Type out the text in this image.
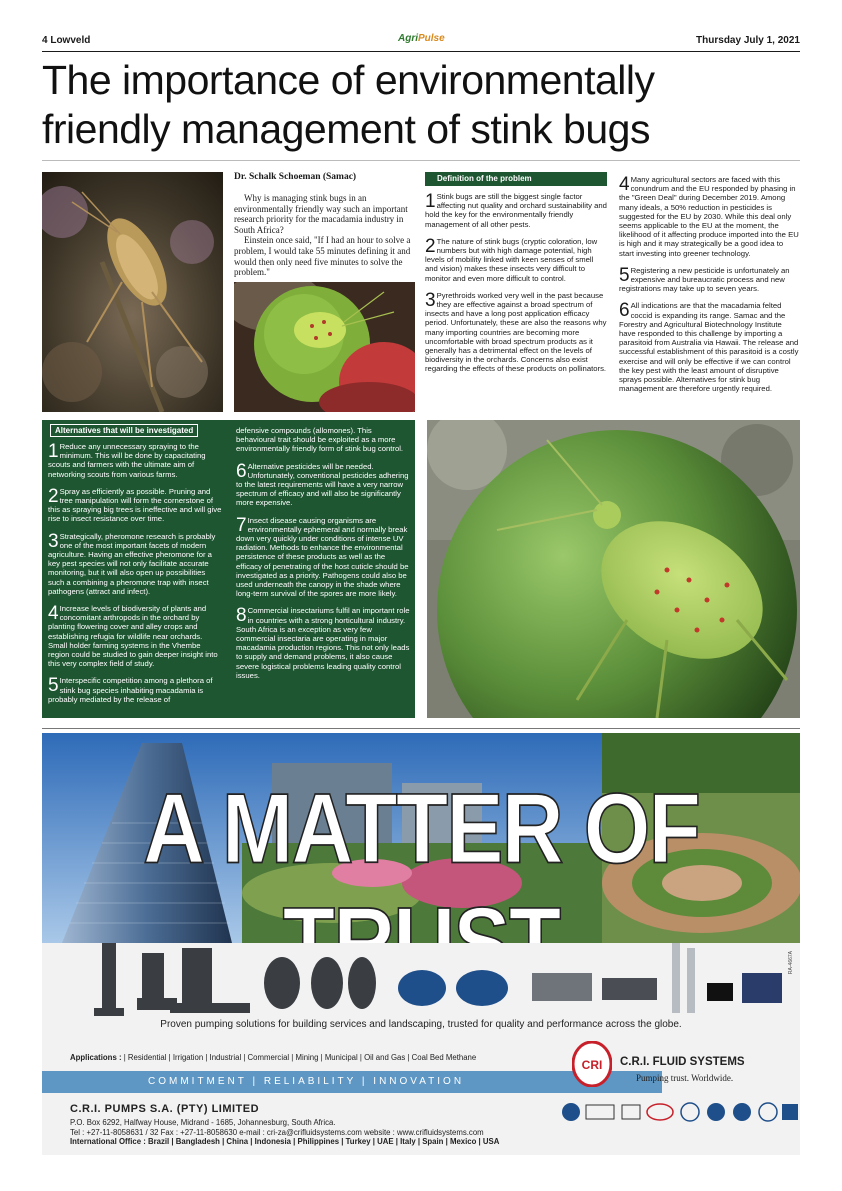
4 Lowveld	AgriPulse	Thursday July 1, 2021
The importance of environmentally
friendly management of stink bugs
Dr. Schalk Schoeman (Samac)

Why is managing stink bugs in an environmentally friendly way such an important research priority for the macadamia industry in South Africa?

Einstein once said, "If I had an hour to solve a problem, I would take 55 minutes defining it and would then only need five minutes to solve the problem."

Definition of the problem
1 Stink bugs are still the biggest single factor affecting nut quality and orchard sustainability and hold the key for the environmentally friendly management of all other pests.
2 The nature of stink bugs (cryptic coloration, low numbers but with high damage potential, high levels of mobility linked with keen senses of smell and vision) makes these insects very difficult to monitor and even more difficult to control.
3 Pyrethroids worked very well in the past because they are effective against a broad spectrum of insects and have a long post application efficacy period. Unfortunately, these are also the reasons why many importing countries are becoming more uncomfortable with broad spectrum products as it generally has a detrimental effect on the levels of biodiversity in the orchards. Concerns also exist regarding the effects of these products on pollinators.
4 Many agricultural sectors are faced with this conundrum and the EU responded by phasing in the "Green Deal" during December 2019. Among many ideals, a 50% reduction in pesticides is suggested for the EU by 2030. While this deal only seems applicable to the EU at the moment, the likelihood of it affecting produce imported into the EU is high and it may strategically be a good idea to start investing into greener technology.
5 Registering a new pesticide is unfortunately an expensive and bureaucratic process and new registrations may take up to seven years.
6 All indications are that the macadamia felted coccid is expanding its range. Samac and the Forestry and Agricultural Biotechnology Institute have responded to this challenge by importing a parasitoid from Australia via Hawaii. The release and successful establishment of this parasitoid is a costly exercise and will only be effective if we can control the key pest with the least amount of disruptive sprays possible. Alternatives for stink bug management are therefore urgently required.
Alternatives that will be investigated
1 Reduce any unnecessary spraying to the minimum. This will be done by capacitating scouts and farmers with the ultimate aim of networking scouts from various farms.
2 Spray as efficiently as possible. Pruning and tree manipulation will form the cornerstone of this as spraying big trees is ineffective and will give rise to insect resistance over time.
3 Strategically, pheromone research is probably one of the most important facets of modern agriculture. Having an effective pheromone for a key pest species will not only facilitate accurate monitoring, but it will also open up possibilities such a combining a pheromone trap with insect pathogens (attract and infect).
4 Increase levels of biodiversity of plants and concomitant arthropods in the orchard by planting flowering cover and alley crops and establishing refugia for wildlife near orchards. Small holder farming systems in the Vhembe region could be studied to gain deeper insight into this very complex field of study.
5 Interspecific competition among a plethora of stink bug species inhabiting macadamia is probably mediated by the release of
defensive compounds (allomones). This behavioural trait should be exploited as a more environmentally friendly form of stink bug control.
6 Alternative pesticides will be needed. Unfortunately, conventional pesticides adhering to the latest requirements will have a very narrow spectrum of efficacy and will also be significantly more expensive.
7 Insect disease causing organisms are environmentally ephemeral and normally break down very quickly under conditions of intense UV radiation. Methods to enhance the environmental persistence of these products as well as the efficacy of penetrating of the host cuticle should be investigated as a priority. Pathogens could also be used underneath the canopy in the shade where long-term survival of the spores are more likely.
8 Commercial insectariums fulfil an important role in countries with a strong horticultural industry. South Africa is an exception as very few commercial insectaria are operating in major macadamia production regions. This not only leads to supply and demand problems, it also cause severe logistical problems leading quality control issues.
A MATTER OF
RA-4667A
Proven pumping solutions for building services and landscaping, trusted for quality and performance across the globe.
Applications : | Residential | Irrigation | Industrial | Commercial | Mining | Municipal | Oil and Gas | Coal Bed Methane
COMMITMENT | RELIABILITY | INNOVATION
CRI C.R.I. FLUID SYSTEMS
Pumping trust. Worldwide.
C.R.I. PUMPS S.A. (PTY) LIMITED
P.O. Box 6292, Halfway House, Midrand - 1685, Johannesburg, South Africa.
Tel : +27-11-8058631 / 32 Fax : +27-11-8058630 e-mail : cri-za@crifluidsystems.com website : www.crifluidsystems.com
International Office : Brazil | Bangladesh | China | Indonesia | Philippines | Turkey | UAE | Italy | Spain | Mexico | USA
